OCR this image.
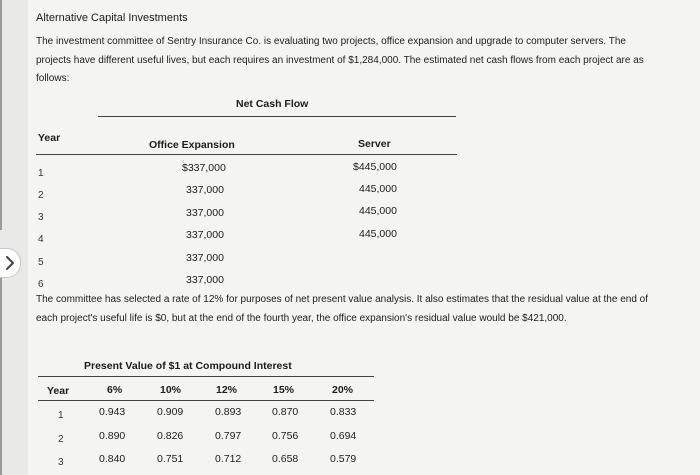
Alternative Capital Investments
The investment committee of Sentry Insurance Co. is evaluating two projects, office expansion and upgrade to computer servers. The projects have different useful lives, but each requires an investment of $1,284,000. The estimated net cash flows from each project are as follows:
Net Cash Flow
Year
Office Expansion	Server
1	$337,000	$445,000
2	337,000	445,000
3	337,000	445,000
4	337,000	445,000
5	337,000
6	337,000
The committee has selected a rate of 12% for purposes of net present value analysis. It also estimates that the residual value at the end of each project's useful life is $0, but at the end of the fourth year, the office expansion's residual value would be $421,000.
Present Value of $1 at Compound Interest
Year	6%	10%	12%	15%	20%
1	0.943	0.909	0.893	0.870	0.833
2	0.890	0.826	0.797	0.756	0.694
3	0.840	0.751	0.712	0.658	0.579
